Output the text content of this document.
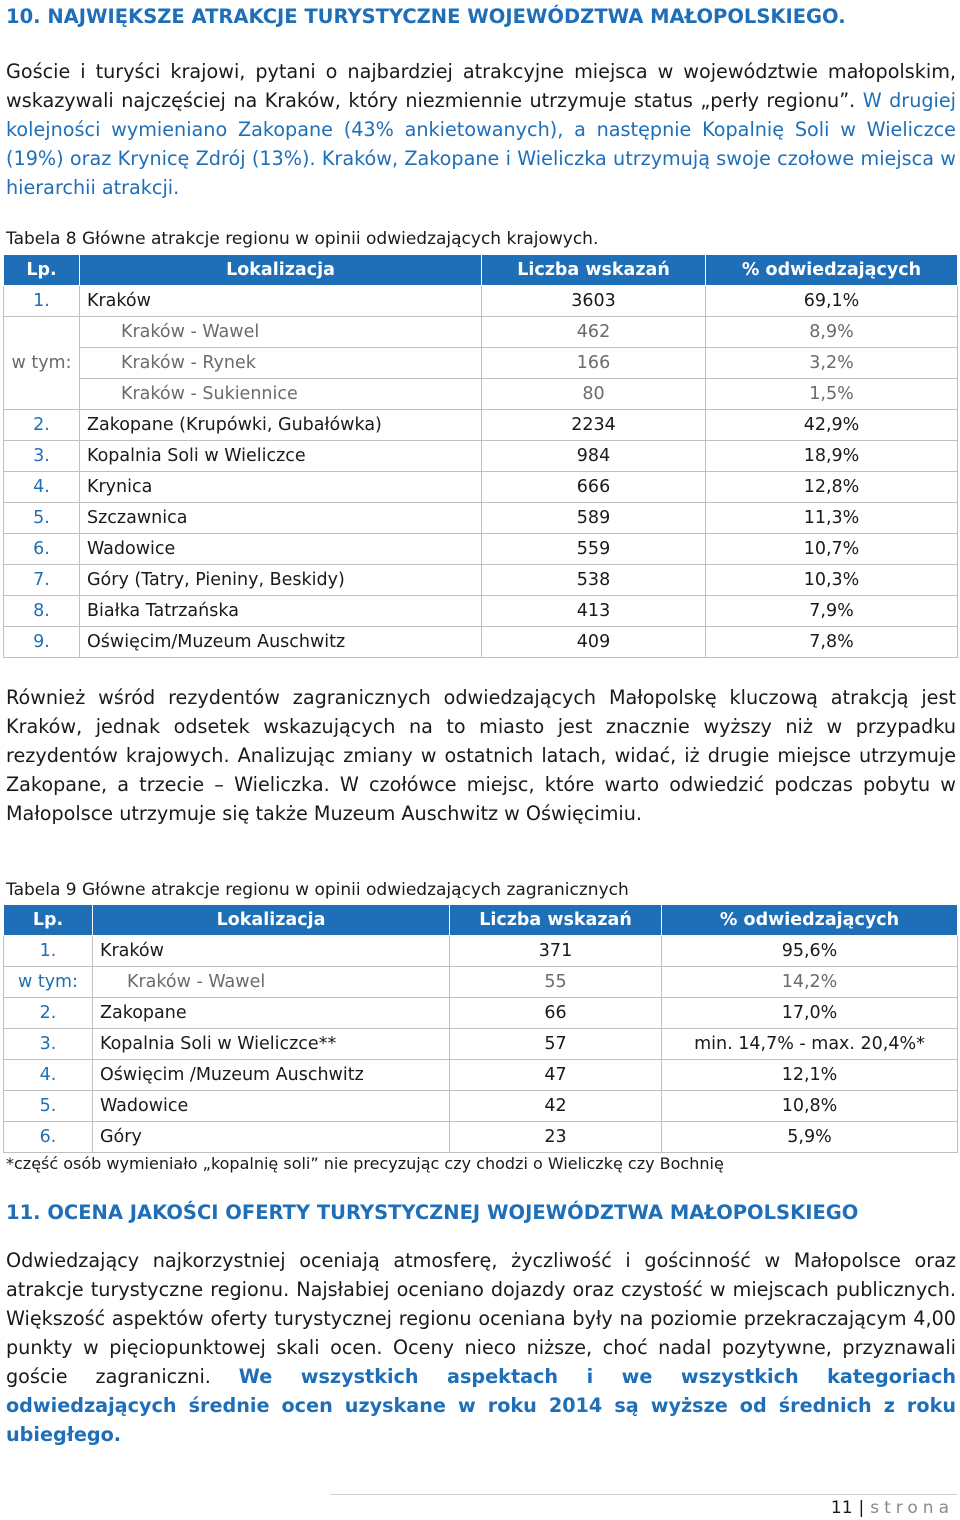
10. NAJWIĘKSZE ATRAKCJE TURYSTYCZNE WOJEWÓDZTWA MAŁOPOLSKIEGO.

Goście i turyści krajowi, pytani o najbardziej atrakcyjne miejsca w województwie małopolskim, wskazywali najczęściej na Kraków, który niezmiennie utrzymuje status „perły regionu”. W drugiej kolejności wymieniano Zakopane (43% ankietowanych), a następnie Kopalnię Soli w Wieliczce (19%) oraz Krynicę Zdrój (13%). Kraków, Zakopane i Wieliczka utrzymują swoje czołowe miejsca w hierarchii atrakcji.

Tabela 8 Główne atrakcje regionu w opinii odwiedzających krajowych.
Lp.	Lokalizacja	Liczba wskazań	% odwiedzających
1.	Kraków	3603	69,1%
w tym:	Kraków - Wawel	462	8,9%
	Kraków - Rynek	166	3,2%
	Kraków - Sukiennice	80	1,5%
2.	Zakopane (Krupówki, Gubałówka)	2234	42,9%
3.	Kopalnia Soli w Wieliczce	984	18,9%
4.	Krynica	666	12,8%
5.	Szczawnica	589	11,3%
6.	Wadowice	559	10,7%
7.	Góry (Tatry, Pieniny, Beskidy)	538	10,3%
8.	Białka Tatrzańska	413	7,9%
9.	Oświęcim/Muzeum Auschwitz	409	7,8%

Również wśród rezydentów zagranicznych odwiedzających Małopolskę kluczową atrakcją jest Kraków, jednak odsetek wskazujących na to miasto jest znacznie wyższy niż w przypadku rezydentów krajowych. Analizując zmiany w ostatnich latach, widać, iż drugie miejsce utrzymuje Zakopane, a trzecie – Wieliczka. W czołówce miejsc, które warto odwiedzić podczas pobytu w Małopolsce utrzymuje się także Muzeum Auschwitz w Oświęcimiu.

Tabela 9 Główne atrakcje regionu w opinii odwiedzających zagranicznych
Lp.	Lokalizacja	Liczba wskazań	% odwiedzających
1.	Kraków	371	95,6%
w tym:	Kraków - Wawel	55	14,2%
2.	Zakopane	66	17,0%
3.	Kopalnia Soli w Wieliczce**	57	min. 14,7% - max. 20,4%*
4.	Oświęcim /Muzeum Auschwitz	47	12,1%
5.	Wadowice	42	10,8%
6.	Góry	23	5,9%
*część osób wymieniało „kopalnię soli” nie precyzując czy chodzi o Wieliczkę czy Bochnię
11. OCENA JAKOŚCI OFERTY TURYSTYCZNEJ WOJEWÓDZTWA MAŁOPOLSKIEGO

Odwiedzający najkorzystniej oceniają atmosferę, życzliwość i gościnność w Małopolsce oraz atrakcje turystyczne regionu. Najsłabiej oceniano dojazdy oraz czystość w miejscach publicznych. Większość aspektów oferty turystycznej regionu oceniana były na poziomie przekraczającym 4,00 punkty w pięciopunktowej skali ocen. Oceny nieco niższe, choć nadal pozytywne, przyznawali goście zagraniczni. We wszystkich aspektach i we wszystkich kategoriach odwiedzających średnie ocen uzyskane w roku 2014 są wyższe od średnich z roku ubiegłego.

11 | strona
